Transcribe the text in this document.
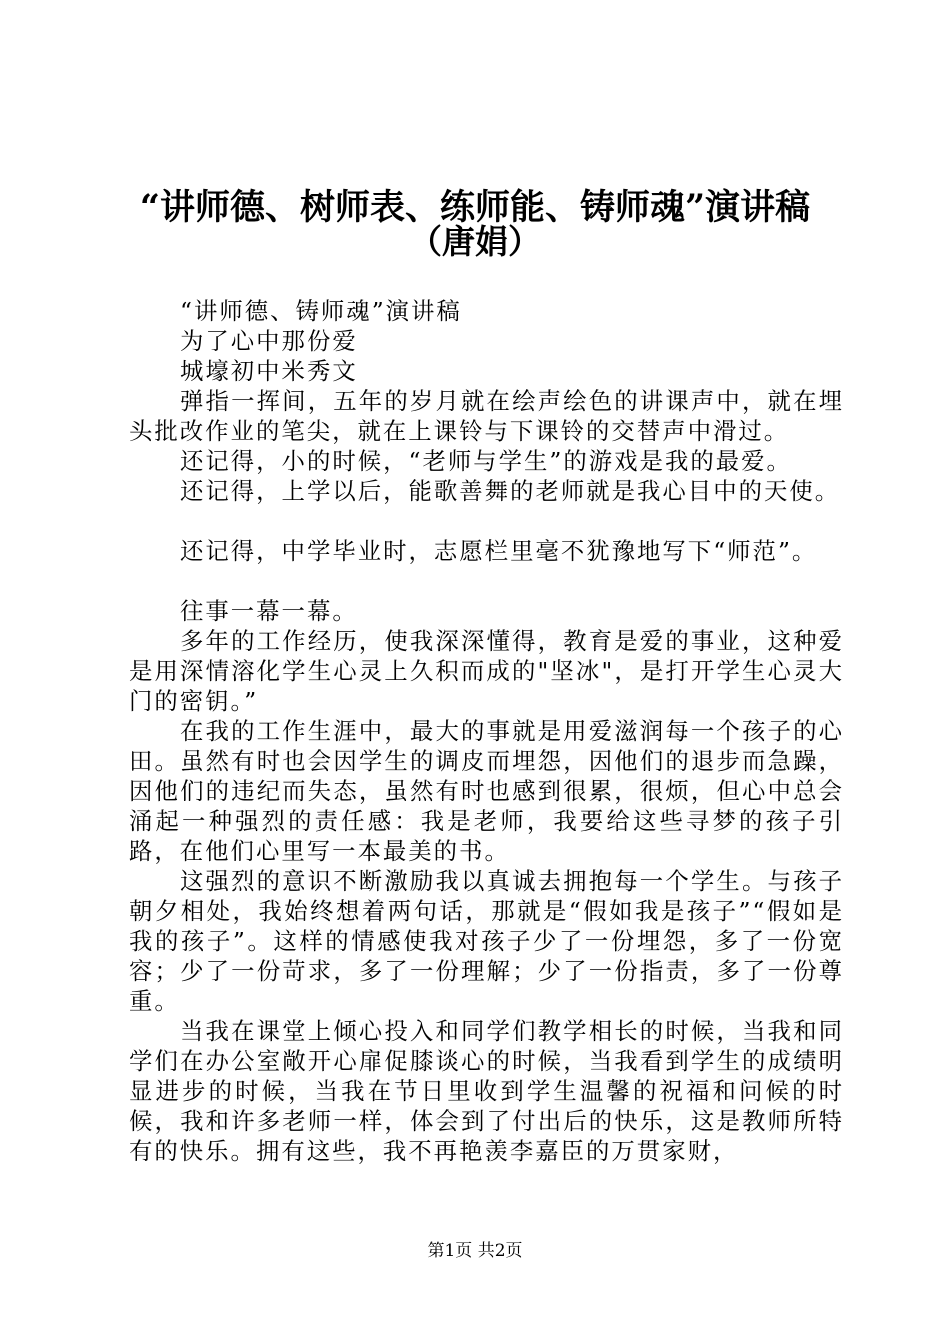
“讲师德、树师表、练师能、铸师魂”演讲稿
（唐娟）

“讲师德、铸师魂”演讲稿

为了心中那份爱

城壕初中米秀文

弹指一挥间，五年的岁月就在绘声绘色的讲课声中，就在埋头批改作业的笔尖，就在上课铃与下课铃的交替声中滑过。

还记得，小的时候，“老师与学生”的游戏是我的最爱。

还记得，上学以后，能歌善舞的老师就是我心目中的天使。

还记得，中学毕业时，志愿栏里毫不犹豫地写下“师范”。

往事一幕一幕。

多年的工作经历，使我深深懂得，教育是爱的事业，这种爱是用深情溶化学生心灵上久积而成的"坚冰"，是打开学生心灵大门的密钥。”

在我的工作生涯中，最大的事就是用爱滋润每一个孩子的心田。虽然有时也会因学生的调皮而埋怨，因他们的退步而急躁，因他们的违纪而失态，虽然有时也感到很累，很烦，但心中总会涌起一种强烈的责任感：我是老师，我要给这些寻梦的孩子引路，在他们心里写一本最美的书。

这强烈的意识不断激励我以真诚去拥抱每一个学生。与孩子朝夕相处，我始终想着两句话，那就是“假如我是孩子”“假如是我的孩子”。这样的情感使我对孩子少了一份埋怨，多了一份宽容；少了一份苛求，多了一份理解；少了一份指责，多了一份尊重。

当我在课堂上倾心投入和同学们教学相长的时候，当我和同学们在办公室敞开心扉促膝谈心的时候，当我看到学生的成绩明显进步的时候，当我在节日里收到学生温馨的祝福和问候的时候，我和许多老师一样，体会到了付出后的快乐，这是教师所特有的快乐。拥有这些，我不再艳羡李嘉臣的万贯家财，

第1页 共2页
